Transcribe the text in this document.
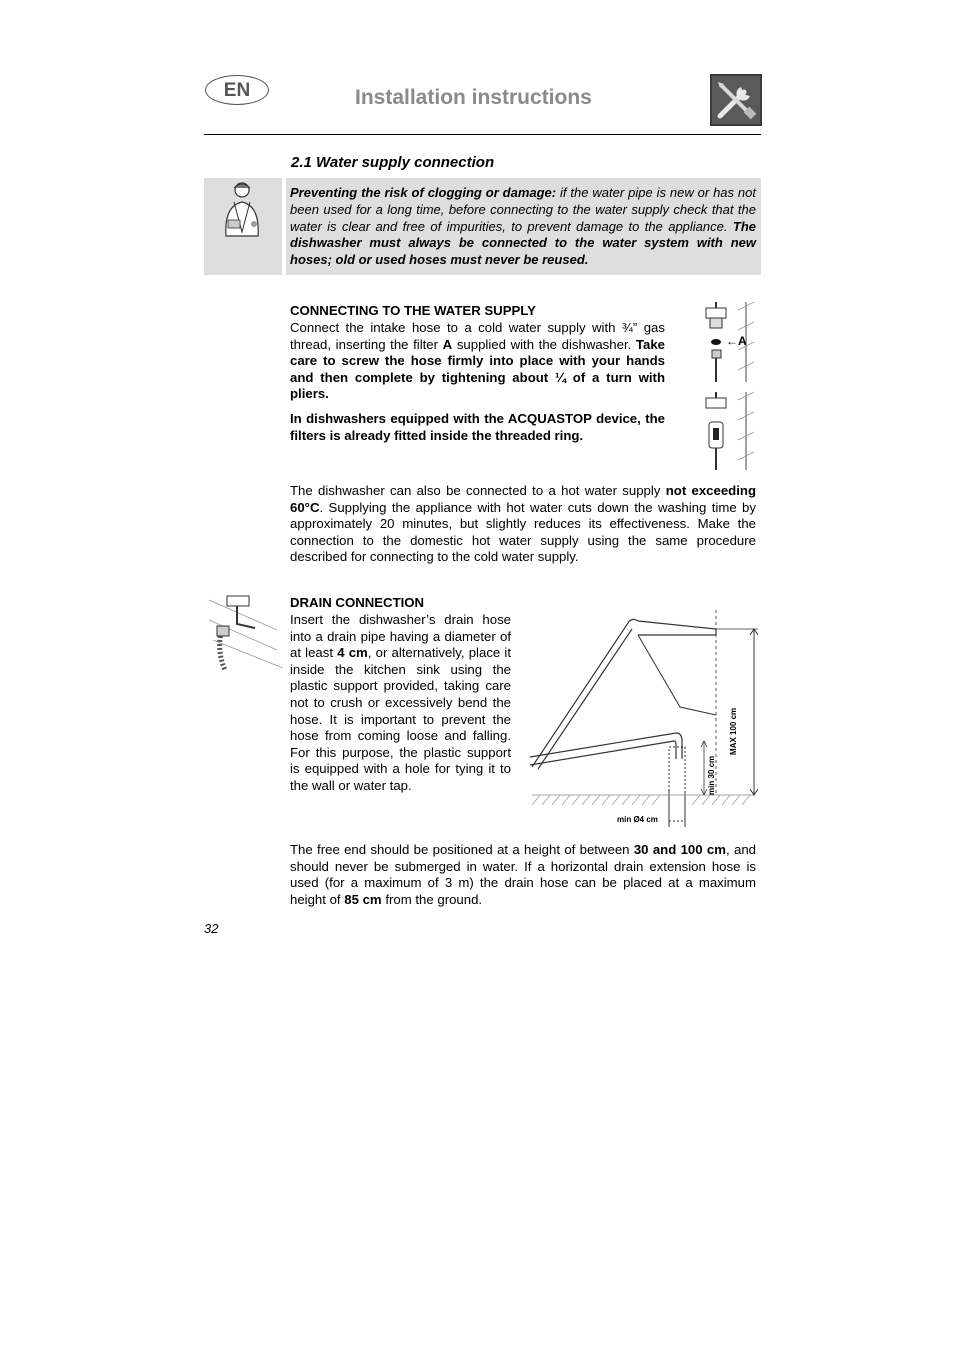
EN	Installation instructions
2.1 Water supply connection
Preventing the risk of clogging or damage: if the water pipe is new or has not been used for a long time, before connecting to the water supply check that the water is clear and free of impurities, to prevent damage to the appliance. The dishwasher must always be connected to the water system with new hoses; old or used hoses must never be reused.
CONNECTING TO THE WATER SUPPLY
Connect the intake hose to a cold water supply with ¾” gas thread, inserting the filter A supplied with the dishwasher. Take care to screw the hose firmly into place with your hands and then complete by tightening about ¼ of a turn with pliers.
In dishwashers equipped with the ACQUASTOP device, the filters is already fitted inside the threaded ring.
←A
The dishwasher can also be connected to a hot water supply not exceeding 60°C. Supplying the appliance with hot water cuts down the washing time by approximately 20 minutes, but slightly reduces its effectiveness. Make the connection to the domestic hot water supply using the same procedure described for connecting to the cold water supply.
DRAIN CONNECTION
Insert the dishwasher’s drain hose into a drain pipe having a diameter of at least 4 cm, or alternatively, place it inside the kitchen sink using the plastic support provided, taking care not to crush or excessively bend the hose. It is important to prevent the hose from coming loose and falling. For this purpose, the plastic support is equipped with a hole for tying it to the wall or water tap.
MAX 100 cm
min 30 cm
min Ø4 cm
The free end should be positioned at a height of between 30 and 100 cm, and should never be submerged in water. If a horizontal drain extension hose is used (for a maximum of 3 m) the drain hose can be placed at a maximum height of 85 cm from the ground.
32
